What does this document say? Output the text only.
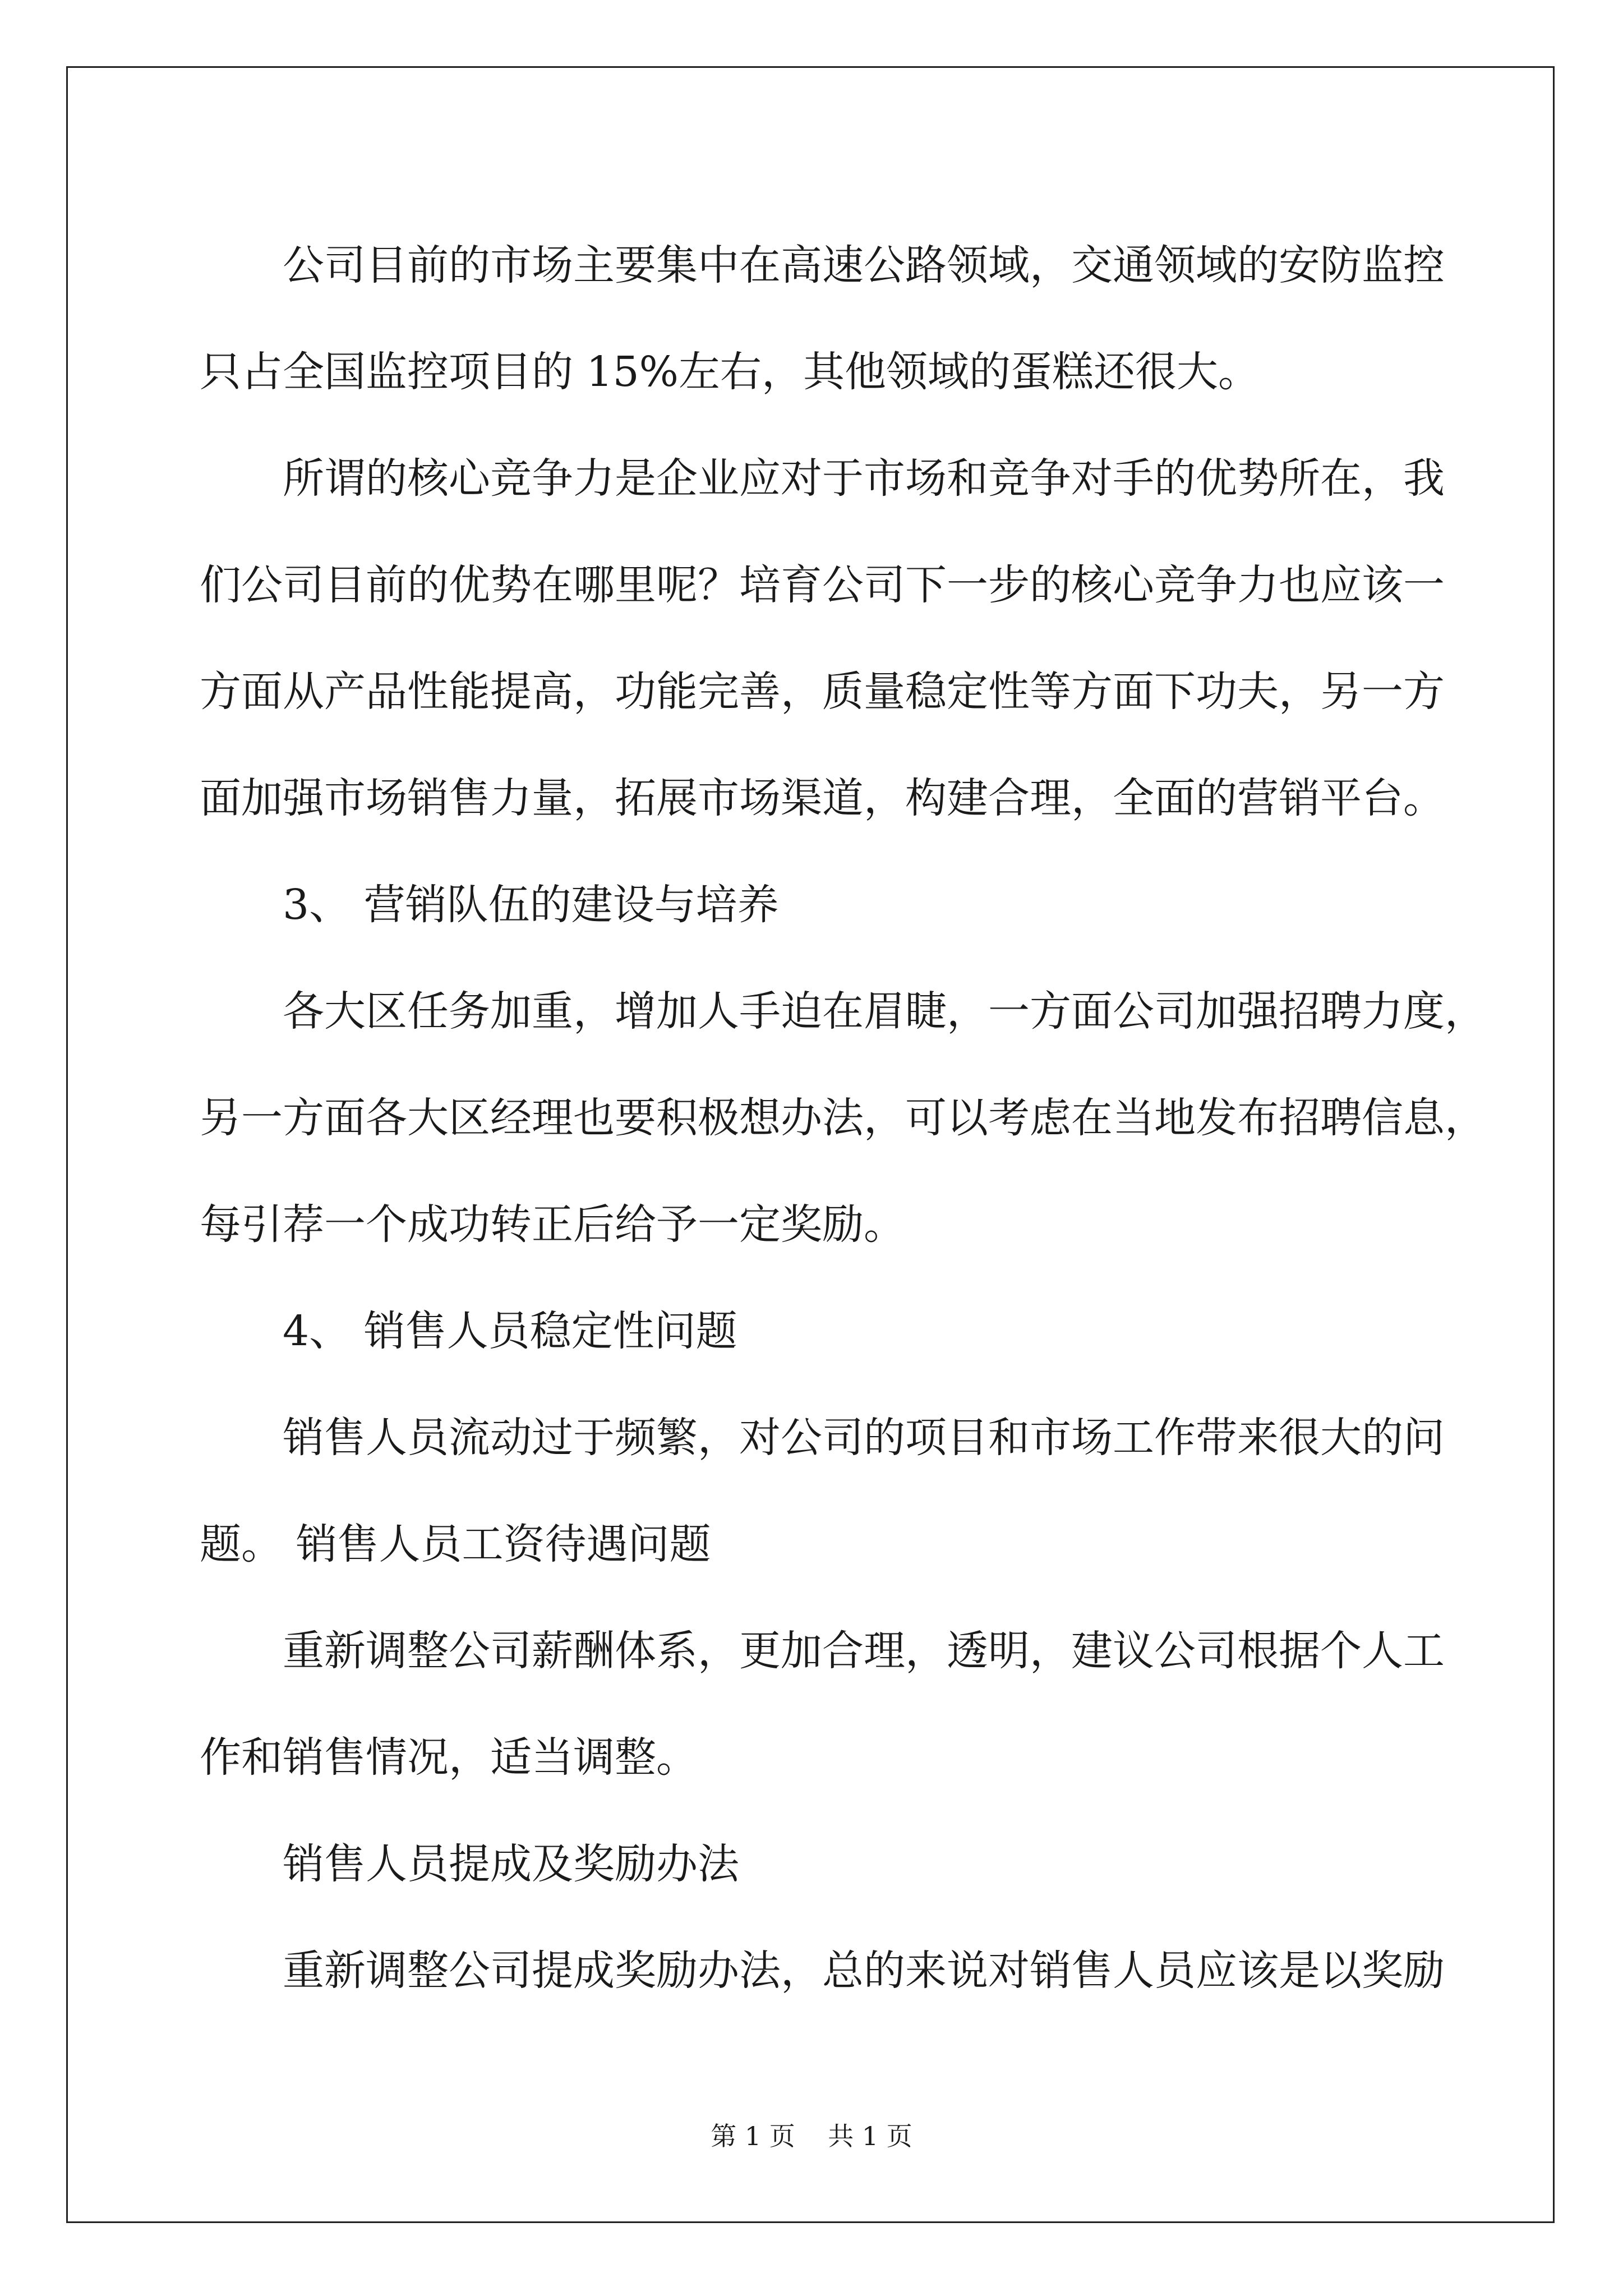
公司目前的市场主要集中在高速公路领域，交通领域的安防监控

只占全国监控项目的 15%左右，其他领域的蛋糕还很大。

所谓的核心竞争力是企业应对于市场和竞争对手的优势所在，我

们公司目前的优势在哪里呢？培育公司下一步的核心竞争力也应该一

方面从产品性能提高，功能完善，质量稳定性等方面下功夫，另一方

面加强市场销售力量，拓展市场渠道，构建合理，全面的营销平台。

3、 营销队伍的建设与培养

各大区任务加重，增加人手迫在眉睫，一方面公司加强招聘力度，

另一方面各大区经理也要积极想办法，可以考虑在当地发布招聘信息，

每引荐一个成功转正后给予一定奖励。

4、 销售人员稳定性问题

销售人员流动过于频繁，对公司的项目和市场工作带来很大的问

题。 销售人员工资待遇问题

重新调整公司薪酬体系，更加合理，透明，建议公司根据个人工

作和销售情况，适当调整。

销售人员提成及奖励办法

重新调整公司提成奖励办法，总的来说对销售人员应该是以奖励

第 1 页    共 1 页
